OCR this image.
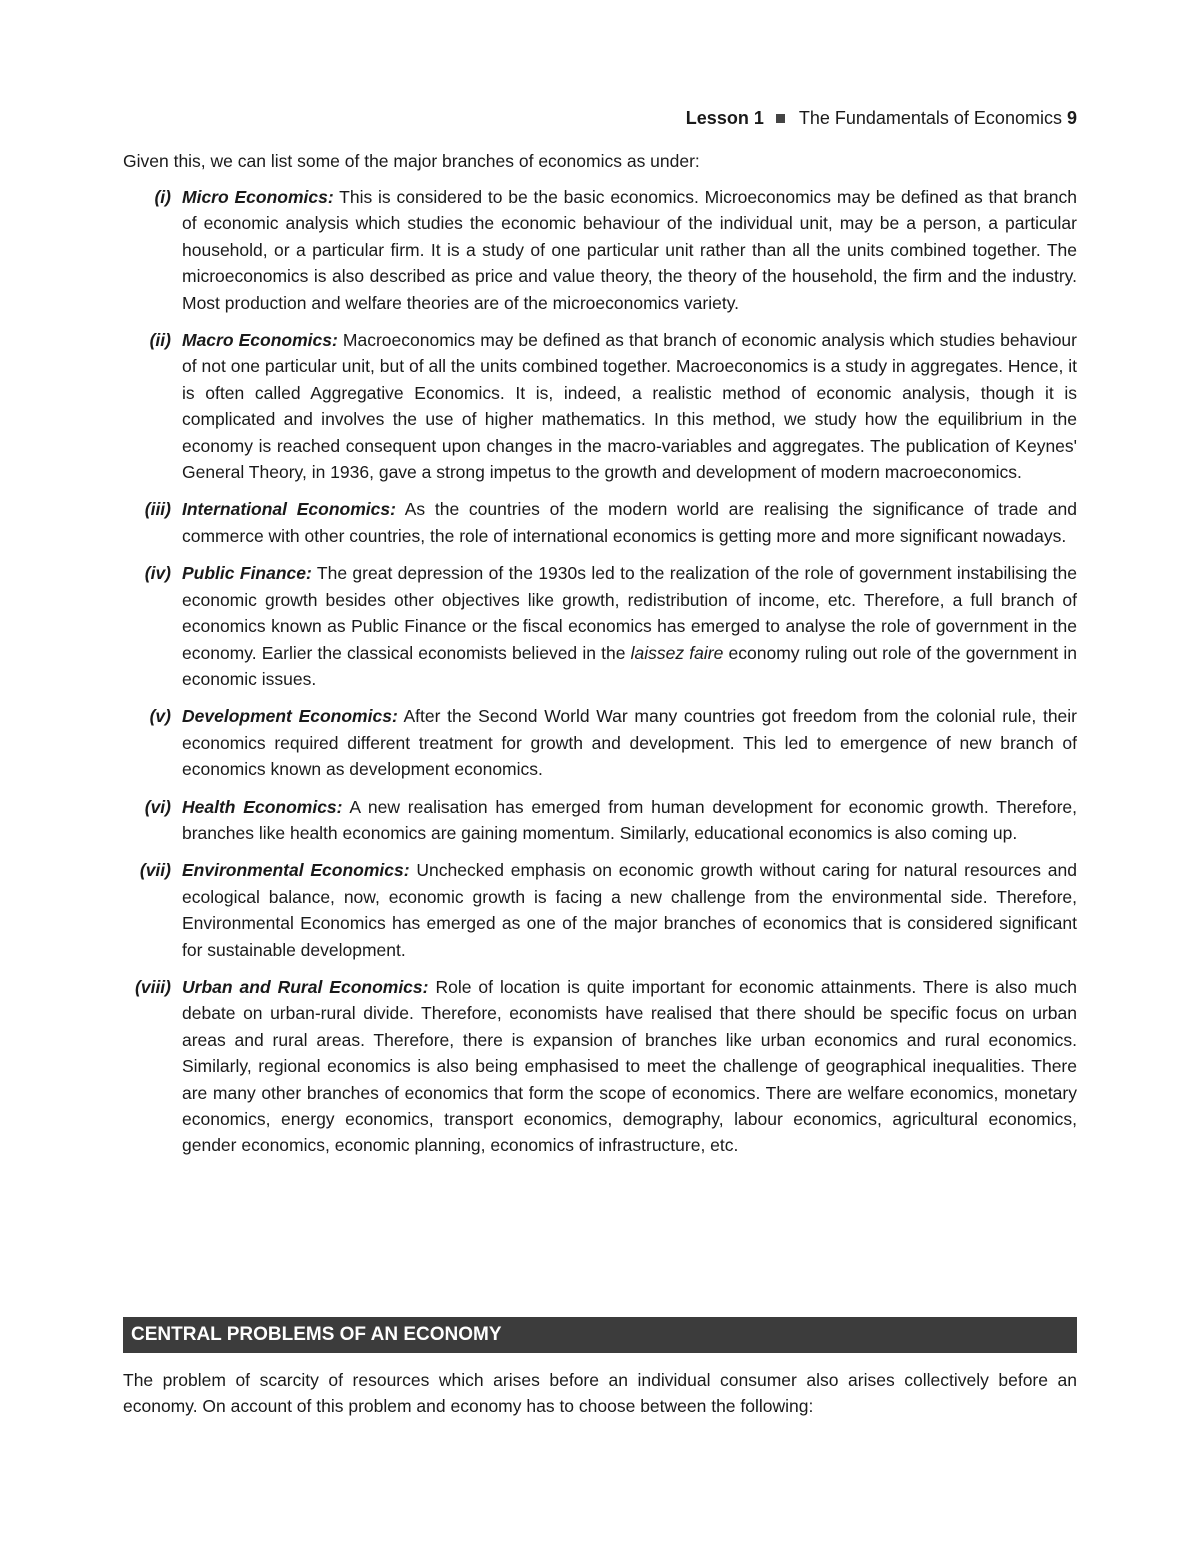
Lesson 1 The Fundamentals of Economics 9

Given this, we can list some of the major branches of economics as under:

(i) Micro Economics: This is considered to be the basic economics. Microeconomics may be defined as that branch of economic analysis which studies the economic behaviour of the individual unit, may be a person, a particular household, or a particular firm. It is a study of one particular unit rather than all the units combined together. The microeconomics is also described as price and value theory, the theory of the household, the firm and the industry. Most production and welfare theories are of the microeconomics variety.

(ii) Macro Economics: Macroeconomics may be defined as that branch of economic analysis which studies behaviour of not one particular unit, but of all the units combined together. Macroeconomics is a study in aggregates. Hence, it is often called Aggregative Economics. It is, indeed, a realistic method of economic analysis, though it is complicated and involves the use of higher mathematics. In this method, we study how the equilibrium in the economy is reached consequent upon changes in the macro-variables and aggregates. The publication of Keynes' General Theory, in 1936, gave a strong impetus to the growth and development of modern macroeconomics.

(iii) International Economics: As the countries of the modern world are realising the significance of trade and commerce with other countries, the role of international economics is getting more and more significant nowadays.

(iv) Public Finance: The great depression of the 1930s led to the realization of the role of government instabilising the economic growth besides other objectives like growth, redistribution of income, etc. Therefore, a full branch of economics known as Public Finance or the fiscal economics has emerged to analyse the role of government in the economy. Earlier the classical economists believed in the laissez faire economy ruling out role of the government in economic issues.

(v) Development Economics: After the Second World War many countries got freedom from the colonial rule, their economics required different treatment for growth and development. This led to emergence of new branch of economics known as development economics.

(vi) Health Economics: A new realisation has emerged from human development for economic growth. Therefore, branches like health economics are gaining momentum. Similarly, educational economics is also coming up.

(vii) Environmental Economics: Unchecked emphasis on economic growth without caring for natural resources and ecological balance, now, economic growth is facing a new challenge from the environmental side. Therefore, Environmental Economics has emerged as one of the major branches of economics that is considered significant for sustainable development.

(viii) Urban and Rural Economics: Role of location is quite important for economic attainments. There is also much debate on urban-rural divide. Therefore, economists have realised that there should be specific focus on urban areas and rural areas. Therefore, there is expansion of branches like urban economics and rural economics. Similarly, regional economics is also being emphasised to meet the challenge of geographical inequalities. There are many other branches of economics that form the scope of economics. There are welfare economics, monetary economics, energy economics, transport economics, demography, labour economics, agricultural economics, gender economics, economic planning, economics of infrastructure, etc.

CENTRAL PROBLEMS OF AN ECONOMY

The problem of scarcity of resources which arises before an individual consumer also arises collectively before an economy. On account of this problem and economy has to choose between the following:
